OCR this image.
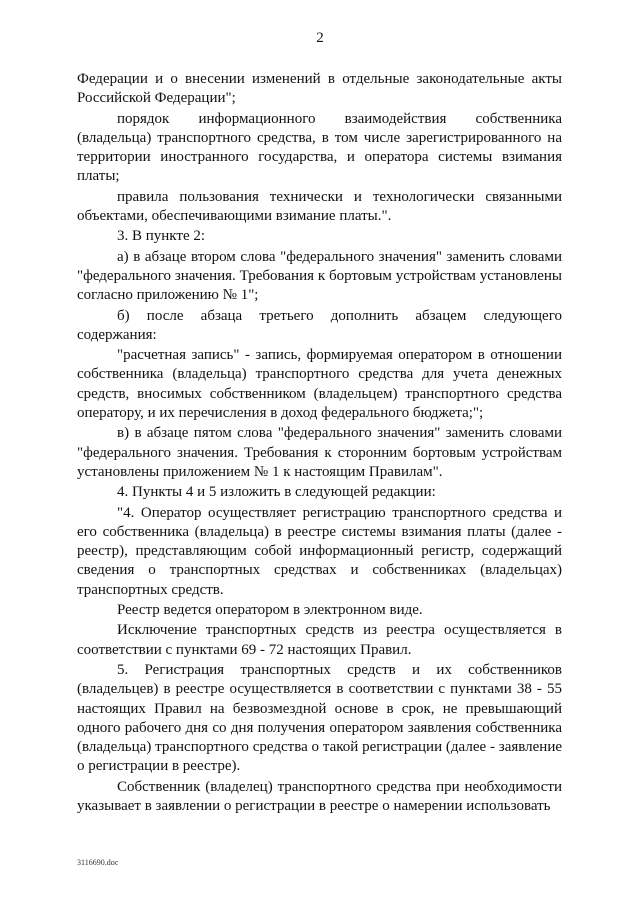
2

Федерации и о внесении изменений в отдельные законодательные акты Российской Федерации";

порядок информационного взаимодействия собственника (владельца) транспортного средства, в том числе зарегистрированного на территории иностранного государства, и оператора системы взимания платы;

правила пользования технически и технологически связанными объектами, обеспечивающими взимание платы.".

3. В пункте 2:

а) в абзаце втором слова "федерального значения" заменить словами "федерального значения. Требования к бортовым устройствам установлены согласно приложению № 1";

б) после абзаца третьего дополнить абзацем следующего содержания:

"расчетная запись" - запись, формируемая оператором в отношении собственника (владельца) транспортного средства для учета денежных средств, вносимых собственником (владельцем) транспортного средства оператору, и их перечисления в доход федерального бюджета;";

в) в абзаце пятом слова "федерального значения" заменить словами "федерального значения. Требования к сторонним бортовым устройствам установлены приложением № 1 к настоящим Правилам".

4. Пункты 4 и 5 изложить в следующей редакции:

"4. Оператор осуществляет регистрацию транспортного средства и его собственника (владельца) в реестре системы взимания платы (далее - реестр), представляющим собой информационный регистр, содержащий сведения о транспортных средствах и собственниках (владельцах) транспортных средств.

Реестр ведется оператором в электронном виде.

Исключение транспортных средств из реестра осуществляется в соответствии с пунктами 69 - 72 настоящих Правил.

5. Регистрация транспортных средств и их собственников (владельцев) в реестре осуществляется в соответствии с пунктами 38 - 55 настоящих Правил на безвозмездной основе в срок, не превышающий одного рабочего дня со дня получения оператором заявления собственника (владельца) транспортного средства о такой регистрации (далее - заявление о регистрации в реестре).

Собственник (владелец) транспортного средства при необходимости указывает в заявлении о регистрации в реестре о намерении использовать

3116690.doc
